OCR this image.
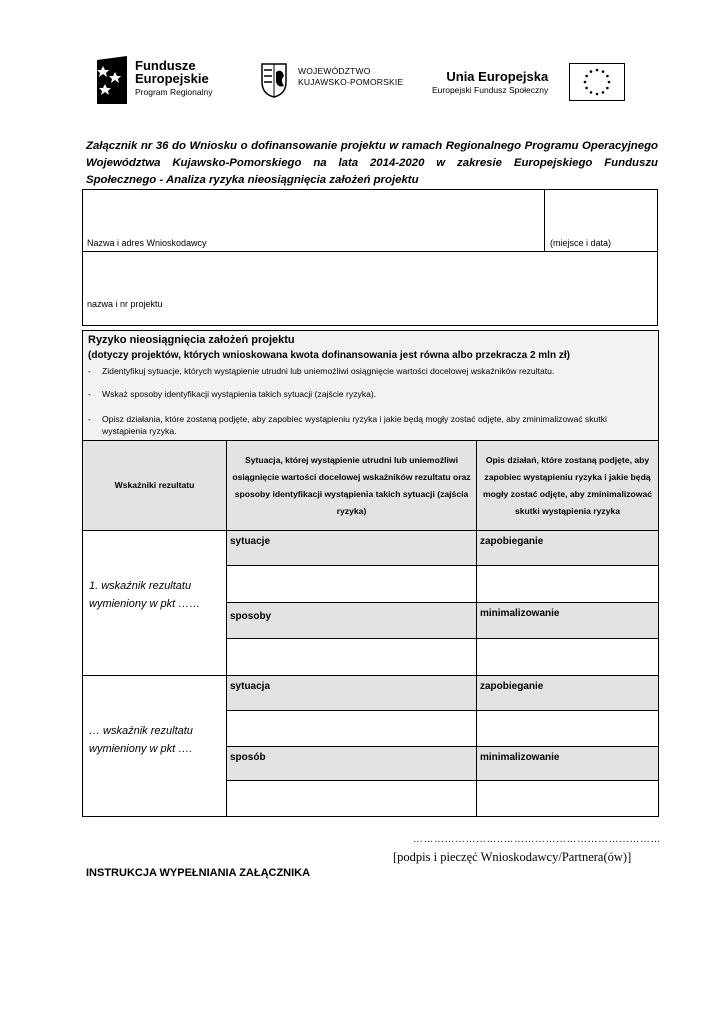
Fundusze
Europejskie
Program Regionalny
WOJEWÓDZTWO
KUJAWSKO-POMORSKIE	Unia Europejska
Europejski Fundusz Społeczny
Załącznik nr 36 do Wniosku o dofinansowanie projektu w ramach Regionalnego Programu Operacyjnego Województwa Kujawsko-Pomorskiego na lata 2014-2020 w zakresie Europejskiego Funduszu Społecznego - Analiza ryzyka nieosiągnięcia założeń projektu
Nazwa i adres Wnioskodawcy	(miejsce i data)
nazwa i nr projektu
Ryzyko nieosiągnięcia założeń projektu
(dotyczy projektów, których wnioskowana kwota dofinansowania jest równa albo przekracza 2 mln zł)
- Zidentyfikuj sytuacje, których wystąpienie utrudni lub uniemożliwi osiągnięcie wartości docelowej wskaźników rezultatu.
- Wskaż sposoby identyfikacji wystąpienia takich sytuacji (zajście ryzyka).
- Opisz działania, które zostaną podjęte, aby zapobiec wystąpieniu ryzyka i jakie będą mogły zostać odjęte, aby zminimalizować skutki wystąpienia ryzyka.
Wskaźniki rezultatu
Sytuacja, której wystąpienie utrudni lub uniemożliwi osiągnięcie wartości docelowej wskaźników rezultatu oraz sposoby identyfikacji wystąpienia takich sytuacji (zajścia ryzyka)
Opis działań, które zostaną podjęte, aby zapobiec wystąpieniu ryzyka i jakie będą mogły zostać odjęte, aby zminimalizować skutki wystąpienia ryzyka
1. wskaźnik rezultatu wymieniony w pkt ……
sytuacje	zapobieganie
sposoby	minimalizowanie
… wskaźnik rezultatu wymieniony w pkt ….
sytuacja	zapobieganie
sposób	minimalizowanie
……………………..………………………………………
[podpis i pieczęć Wnioskodawcy/Partnera(ów)]
INSTRUKCJA WYPEŁNIANIA ZAŁĄCZNIKA
